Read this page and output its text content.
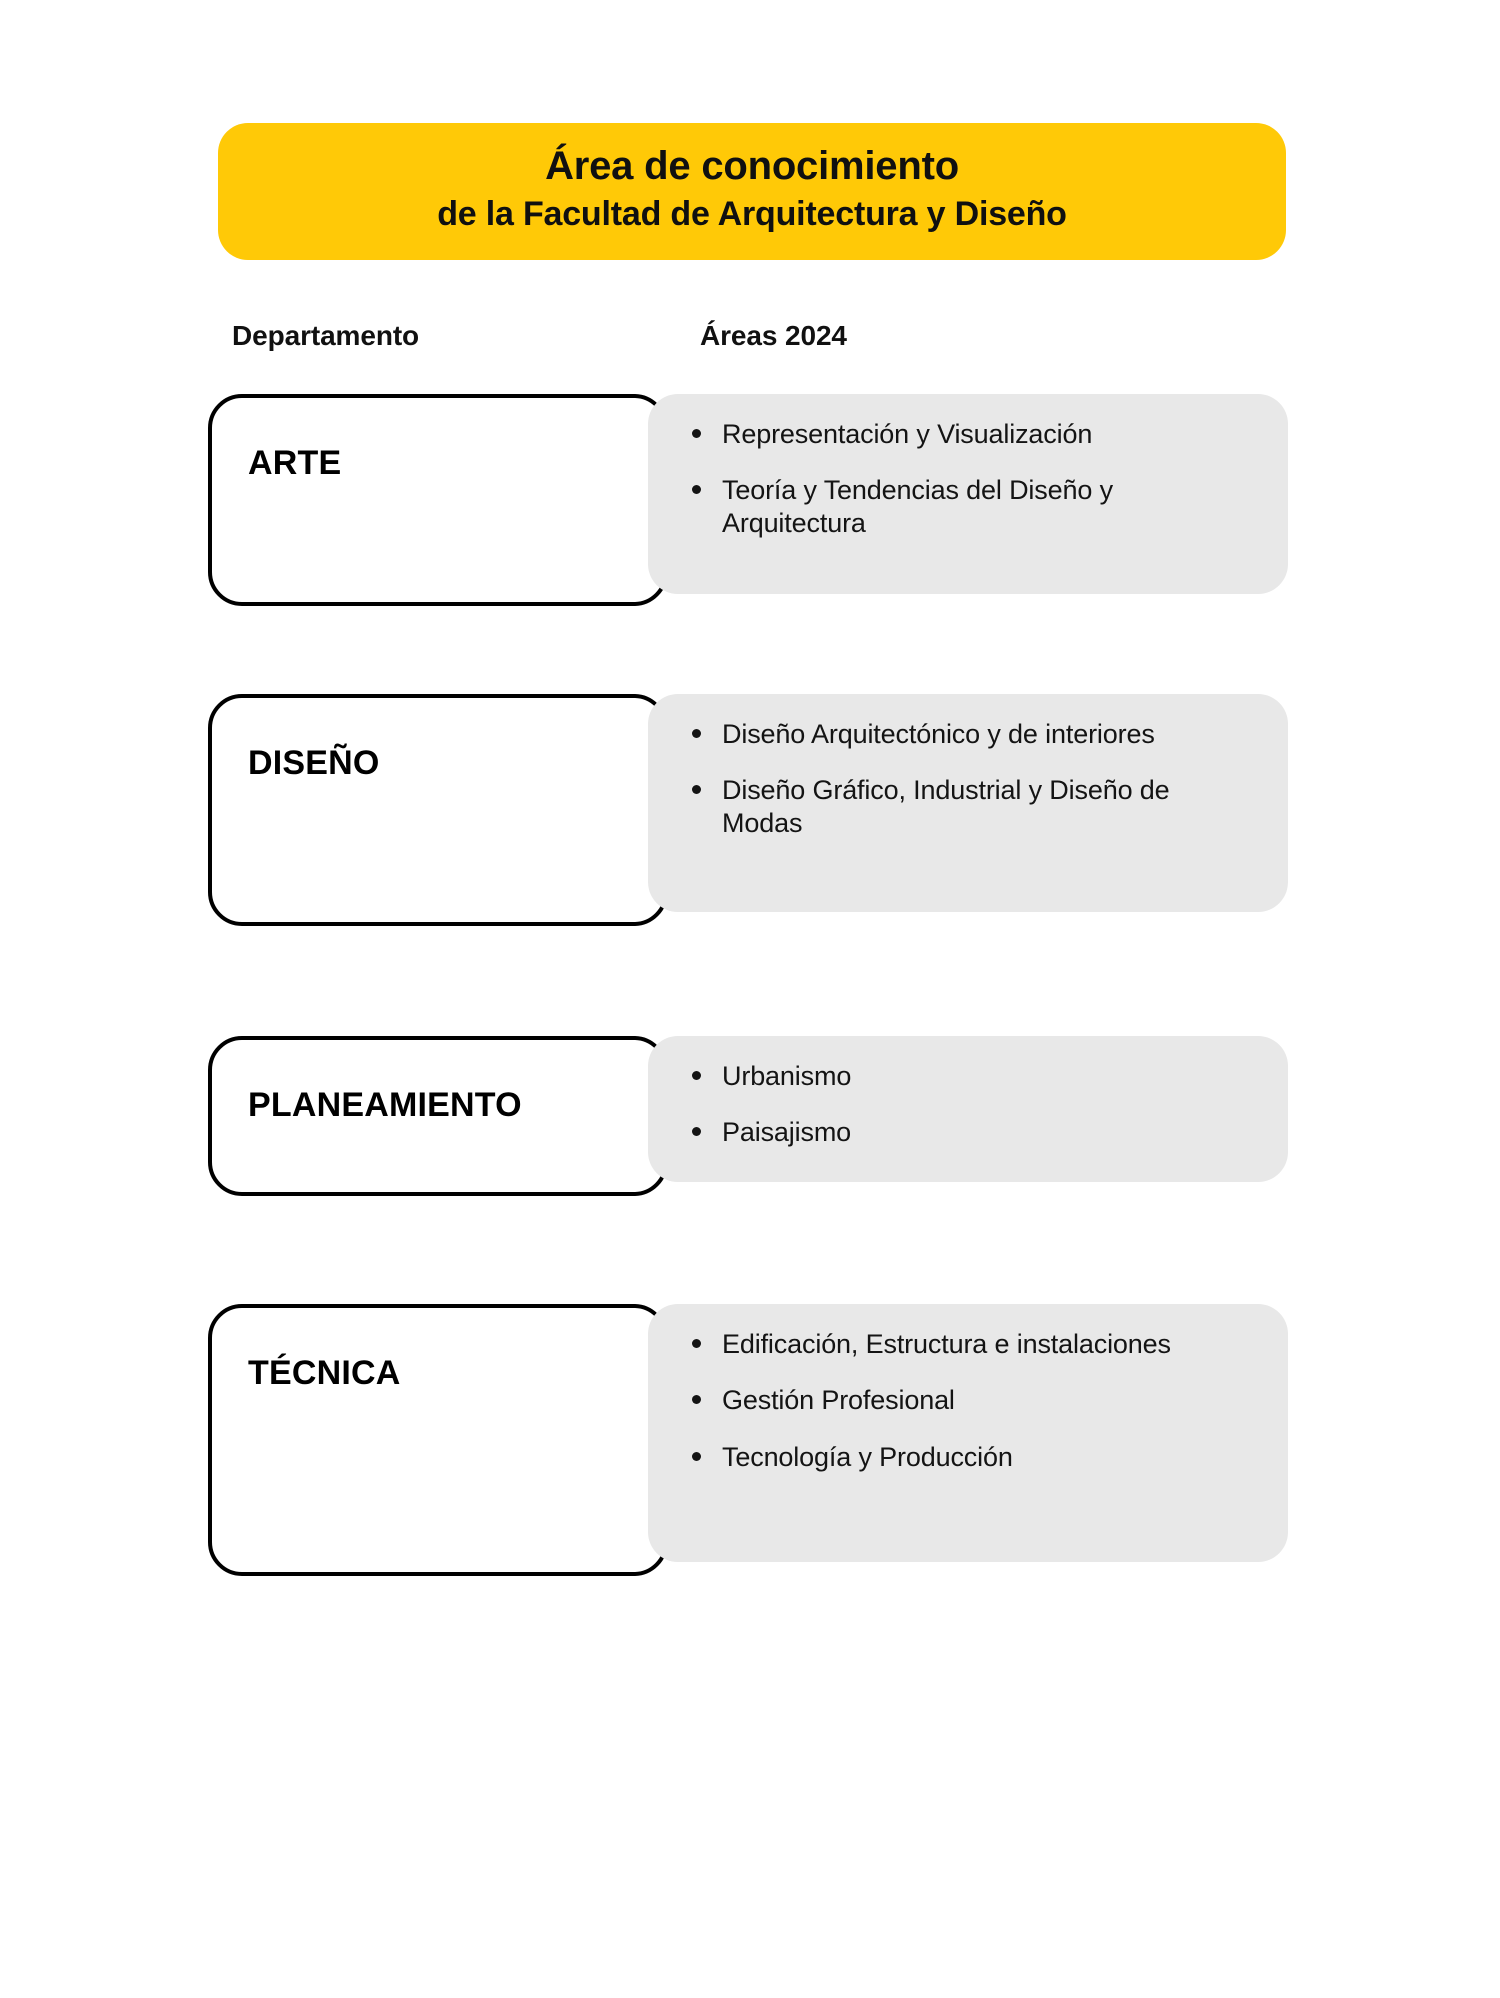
Área de conocimiento
de la Facultad de Arquitectura y Diseño
Departamento	Áreas 2024
ARTE
Representación y Visualización
Teoría y Tendencias del Diseño y Arquitectura
DISEÑO
Diseño Arquitectónico y de interiores
Diseño Gráfico, Industrial y Diseño de Modas
PLANEAMIENTO
Urbanismo
Paisajismo
TÉCNICA
Edificación, Estructura e instalaciones
Gestión Profesional
Tecnología y Producción
